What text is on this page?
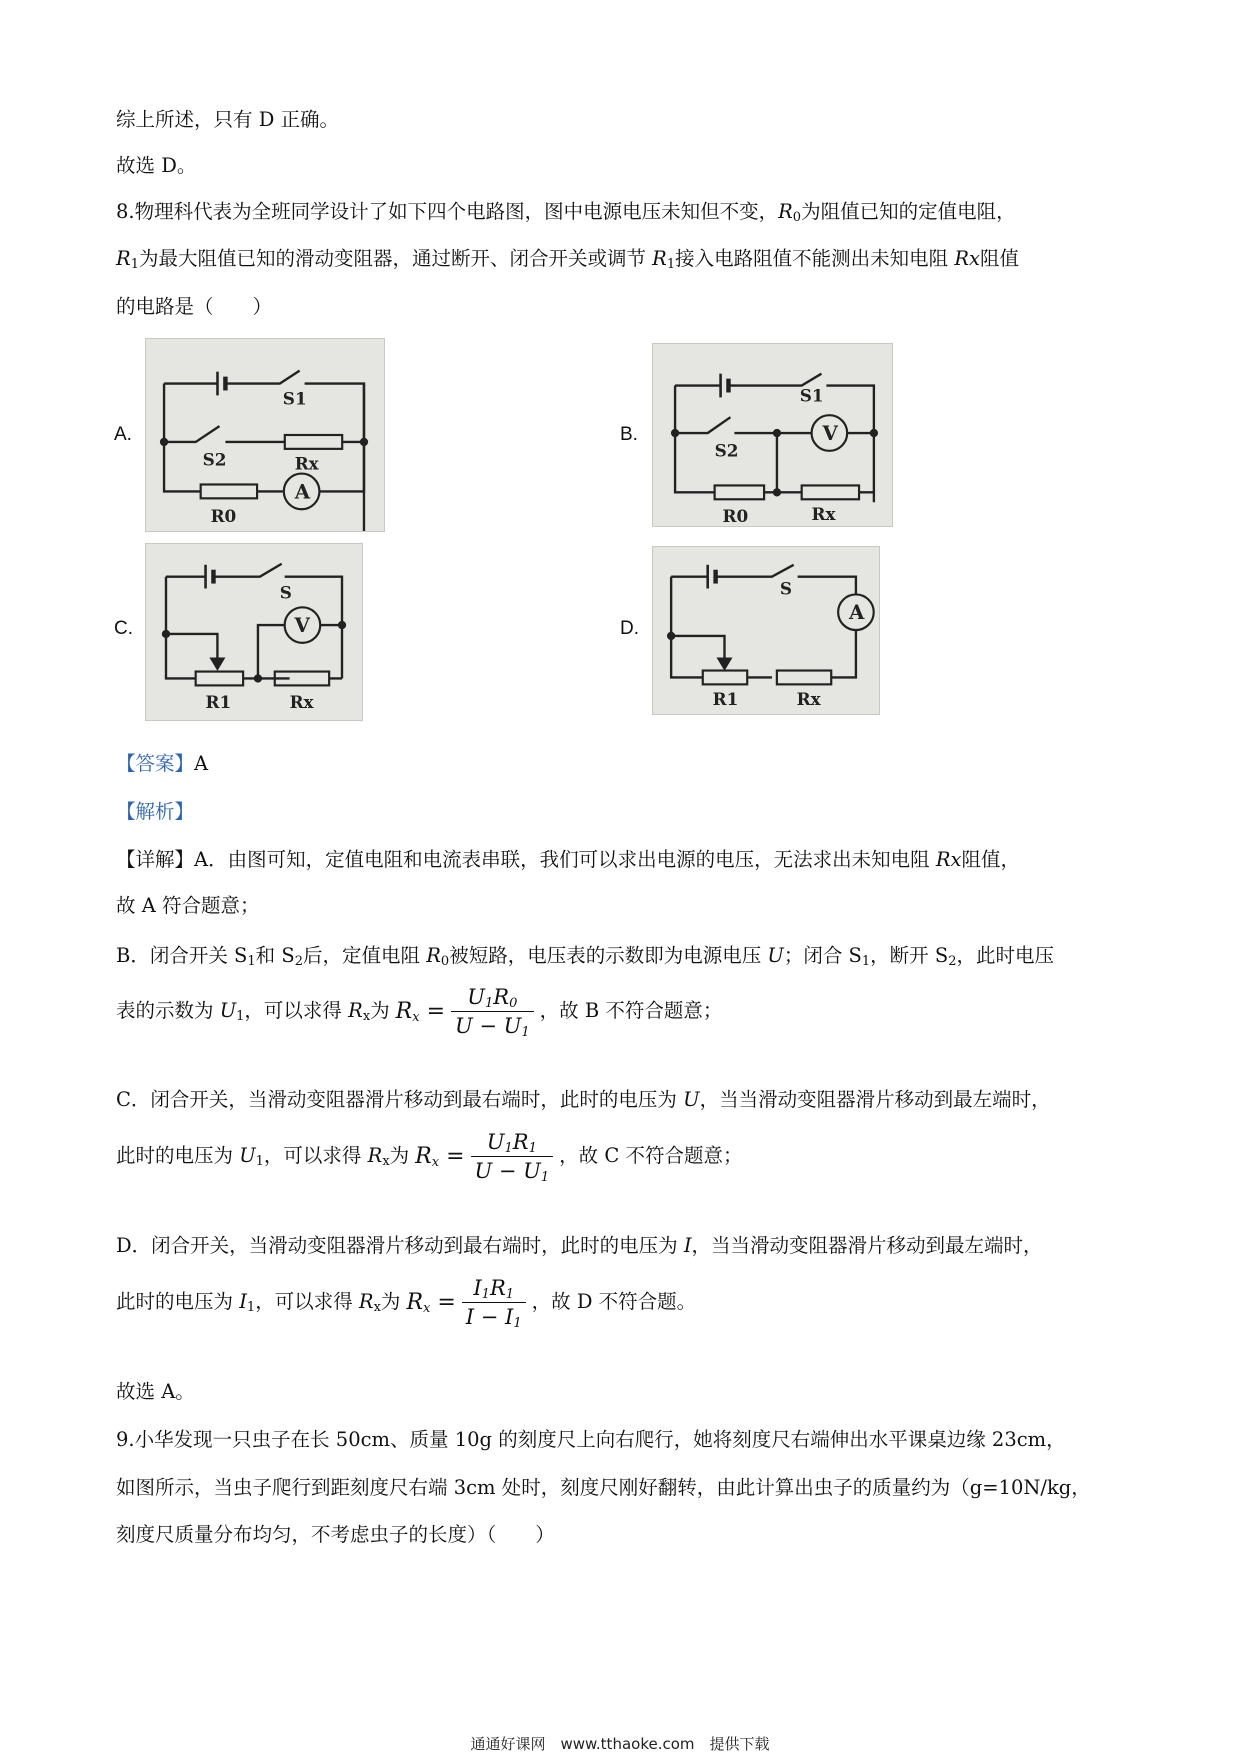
综上所述，只有 D 正确。
故选 D。
8.物理科代表为全班同学设计了如下四个电路图，图中电源电压未知但不变，$R_0$为阻值已知的定值电阻，
$R_1$为最大阻值已知的滑动变阻器，通过断开、闭合开关或调节 $R_1$接入电路阻值不能测出未知电阻 Rx阻值
的电路是（　　）
A.	B.
C.	D.
S1
S2	Rx
R0
A
S1
S2
R0	Rx
V
S
R1	Rx
V
S
R1	Rx
A
【答案】A
【解析】
【详解】A．由图可知，定值电阻和电流表串联，我们可以求出电源的电压，无法求出未知电阻 Rx阻值，
故 A 符合题意；
B．闭合开关 $S_1$和 $S_2$后，定值电阻 $R_0$被短路，电压表的示数即为电源电压 U；闭合 $S_1$，断开 $S_2$，此时电压
表的示数为 $U_1$，可以求得 $R_x$为 $R_x = \frac{U_1R_0}{U - U_1}$ ，故 B 不符合题意；
C．闭合开关，当滑动变阻器滑片移动到最右端时，此时的电压为 U，当当滑动变阻器滑片移动到最左端时，
此时的电压为 $U_1$，可以求得 $R_x$为 $R_x = \frac{U_1R_1}{U - U_1}$ ，故 C 不符合题意；
D．闭合开关，当滑动变阻器滑片移动到最右端时，此时的电压为 I，当当滑动变阻器滑片移动到最左端时，
此时的电压为 $I_1$，可以求得 $R_x$为 $R_x = \frac{I_1R_1}{I - I_1}$ ，故 D 不符合题。
故选 A。
9.小华发现一只虫子在长 50cm、质量 10g 的刻度尺上向右爬行，她将刻度尺右端伸出水平课桌边缘 23cm，
如图所示，当虫子爬行到距刻度尺右端 3cm 处时，刻度尺刚好翻转，由此计算出虫子的质量约为（g=10N/kg，
刻度尺质量分布均匀，不考虑虫子的长度）（　　）
通通好课网　www.tthaoke.com　提供下载
